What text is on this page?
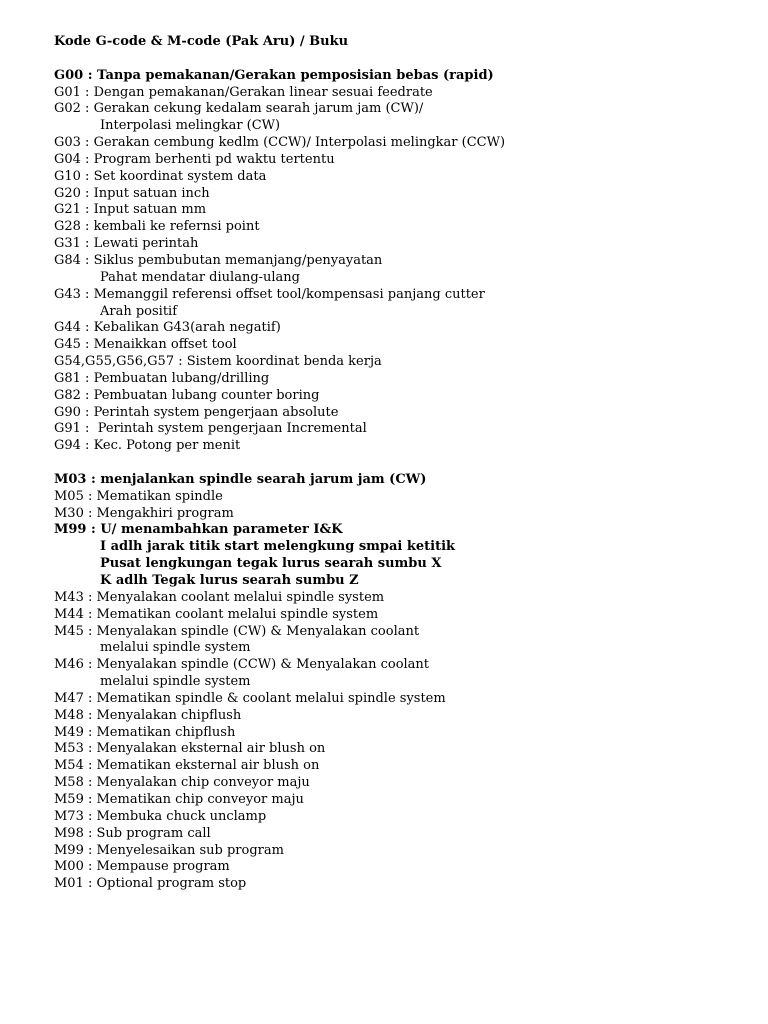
Kode G-code & M-code (Pak Aru) / Buku
G00 : Tanpa pemakanan/Gerakan pemposisian bebas (rapid)
G01 : Dengan pemakanan/Gerakan linear sesuai feedrate
G02 : Gerakan cekung kedalam searah jarum jam (CW)/
Interpolasi melingkar (CW)
G03 : Gerakan cembung kedlm (CCW)/ Interpolasi melingkar (CCW)
G04 : Program berhenti pd waktu tertentu
G10 : Set koordinat system data
G20 : Input satuan inch
G21 : Input satuan mm
G28 : kembali ke refernsi point
G31 : Lewati perintah
G84 : Siklus pembubutan memanjang/penyayatan
Pahat mendatar diulang-ulang
G43 : Memanggil referensi offset tool/kompensasi panjang cutter
Arah positif
G44 : Kebalikan G43(arah negatif)
G45 : Menaikkan offset tool
G54,G55,G56,G57 : Sistem koordinat benda kerja
G81 : Pembuatan lubang/drilling
G82 : Pembuatan lubang counter boring
G90 : Perintah system pengerjaan absolute
G91 :  Perintah system pengerjaan Incremental
G94 : Kec. Potong per menit
M03 : menjalankan spindle searah jarum jam (CW)
M05 : Mematikan spindle
M30 : Mengakhiri program
M99 : U/ menambahkan parameter I&K
I adlh jarak titik start melengkung smpai ketitik
Pusat lengkungan tegak lurus searah sumbu X
K adlh Tegak lurus searah sumbu Z
M43 : Menyalakan coolant melalui spindle system
M44 : Mematikan coolant melalui spindle system
M45 : Menyalakan spindle (CW) & Menyalakan coolant
melalui spindle system
M46 : Menyalakan spindle (CCW) & Menyalakan coolant
melalui spindle system
M47 : Mematikan spindle & coolant melalui spindle system
M48 : Menyalakan chipflush
M49 : Mematikan chipflush
M53 : Menyalakan eksternal air blush on
M54 : Mematikan eksternal air blush on
M58 : Menyalakan chip conveyor maju
M59 : Mematikan chip conveyor maju
M73 : Membuka chuck unclamp
M98 : Sub program call
M99 : Menyelesaikan sub program
M00 : Mempause program
M01 : Optional program stop
